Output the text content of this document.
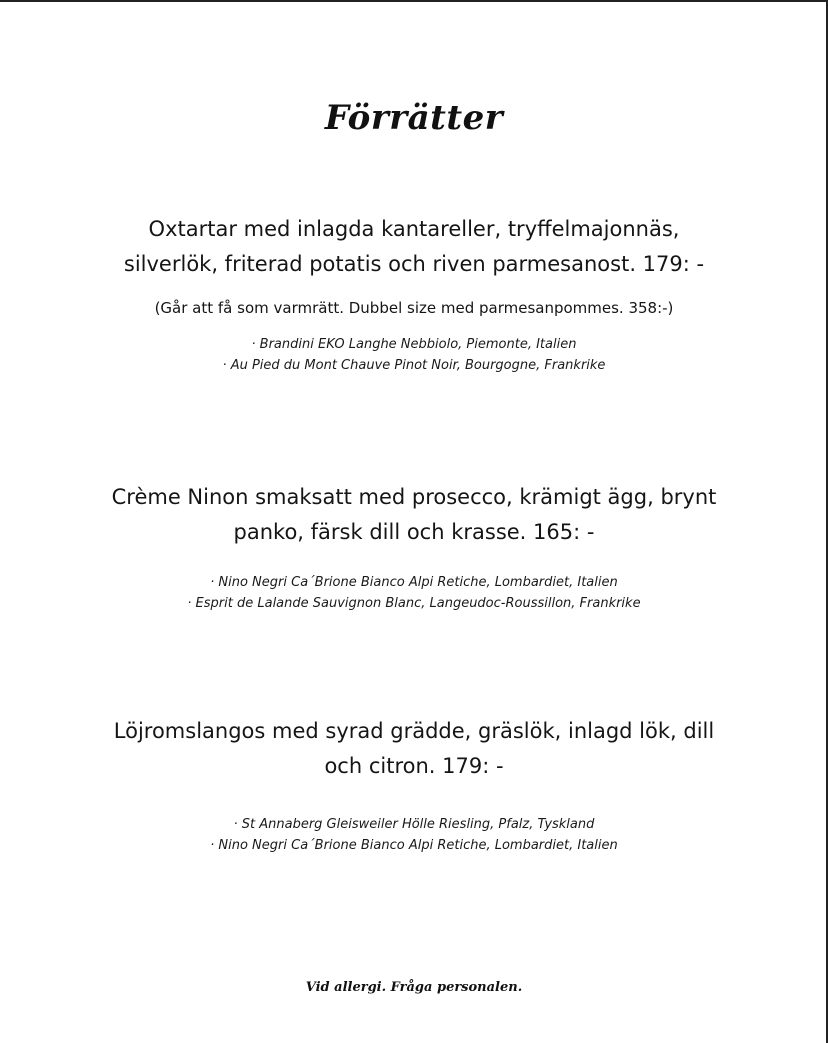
Förrätter

Oxtartar med inlagda kantareller, tryffelmajonnäs,
silverlök, friterad potatis och riven parmesanost. 179: -

(Går att få som varmrätt. Dubbel size med parmesanpommes. 358:-)

· Brandini EKO Langhe Nebbiolo, Piemonte, Italien
· Au Pied du Mont Chauve Pinot Noir, Bourgogne, Frankrike

Crème Ninon smaksatt med prosecco, krämigt ägg, brynt
panko, färsk dill och krasse. 165: -

· Nino Negri Ca´Brione Bianco Alpi Retiche, Lombardiet, Italien
· Esprit de Lalande Sauvignon Blanc, Langeudoc-Roussillon, Frankrike

Löjromslangos med syrad grädde, gräslök, inlagd lök, dill
och citron. 179: -

· St Annaberg Gleisweiler Hölle Riesling, Pfalz, Tyskland
· Nino Negri Ca´Brione Bianco Alpi Retiche, Lombardiet, Italien
Vid allergi. Fråga personalen.
